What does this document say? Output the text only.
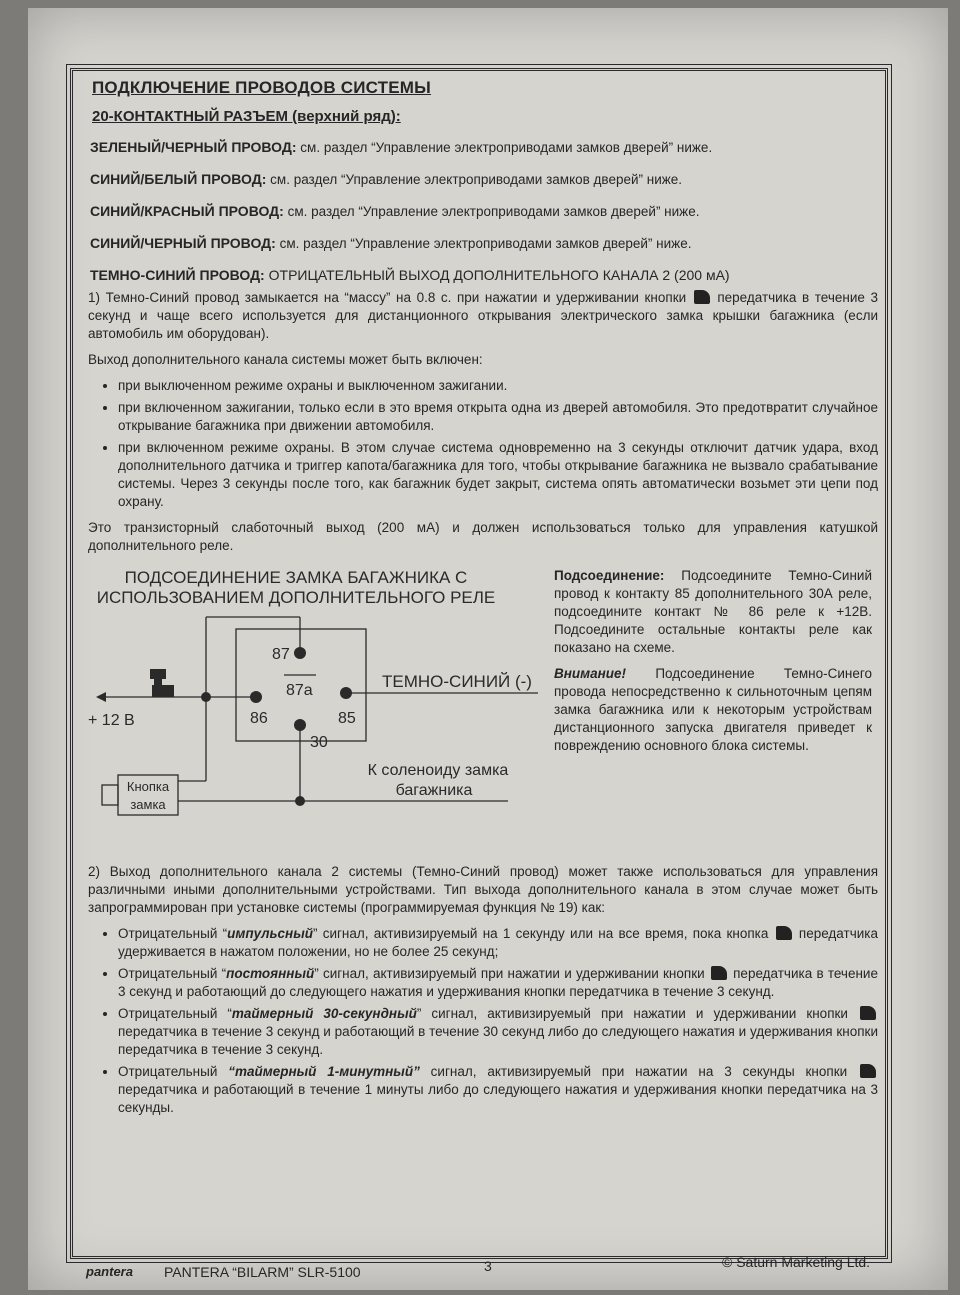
ПОДКЛЮЧЕНИЕ ПРОВОДОВ СИСТЕМЫ
20-КОНТАКТНЫЙ РАЗЪЕМ (верхний ряд):
ЗЕЛЕНЫЙ/ЧЕРНЫЙ ПРОВОД: см. раздел “Управление электроприводами замков дверей” ниже.
СИНИЙ/БЕЛЫЙ ПРОВОД: см. раздел “Управление электроприводами замков дверей” ниже.
СИНИЙ/КРАСНЫЙ ПРОВОД: см. раздел “Управление электроприводами замков дверей” ниже.
СИНИЙ/ЧЕРНЫЙ ПРОВОД: см. раздел “Управление электроприводами замков дверей” ниже.
ТЕМНО-СИНИЙ ПРОВОД: ОТРИЦАТЕЛЬНЫЙ ВЫХОД ДОПОЛНИТЕЛЬНОГО КАНАЛА 2 (200 мА)

1) Темно-Синий провод замыкается на “массу” на 0.8 с. при нажатии и удерживании кнопки передатчика в течение 3 секунд и чаще всего используется для дистанционного открывания электрического замка крышки багажника (если автомобиль им оборудован).

Выход дополнительного канала системы может быть включен:

• при выключенном режиме охраны и выключенном зажигании.
• при включенном зажигании, только если в это время открыта одна из дверей автомобиля. Это предотвратит случайное открывание багажника при движении автомобиля.
• при включенном режиме охраны. В этом случае система одновременно на 3 секунды отключит датчик удара, вход дополнительного датчика и триггер капота/багажника для того, чтобы открывание багажника не вызвало срабатывание системы. Через 3 секунды после того, как багажник будет закрыт, система опять автоматически возьмет эти цепи под охрану.

Это транзисторный слаботочный выход (200 мА) и должен использоваться только для управления катушкой дополнительного реле.

ПОДСОЕДИНЕНИЕ ЗАМКА БАГАЖНИКА С
ИСПОЛЬЗОВАНИЕМ ДОПОЛНИТЕЛЬНОГО РЕЛЕ
87
87a
86	85
30
ТЕМНО-СИНИЙ (-)
+ 12 B
Кнопка
замка
К соленоиду замка
багажника

Подсоединение: Подсоедините Темно-Синий провод к контакту 85 дополнительного 30А реле, подсоедините контакт № 86 реле к +12В. Подсоедините остальные контакты реле как показано на схеме.

Внимание! Подсоединение Темно-Синего провода непосредственно к сильноточным цепям замка багажника или к некоторым устройствам дистанционного запуска двигателя приведет к повреждению основного блока системы.

2) Выход дополнительного канала 2 системы (Темно-Синий провод) может также использоваться для управления различными иными дополнительными устройствами. Тип выхода дополнительного канала в этом случае может быть запрограммирован при установке системы (программируемая функция № 19) как:

• Отрицательный “импульсный” сигнал, активизируемый на 1 секунду или на все время, пока кнопка передатчика удерживается в нажатом положении, но не более 25 секунд;
• Отрицательный “постоянный” сигнал, активизируемый при нажатии и удерживании кнопки передатчика в течение 3 секунд и работающий до следующего нажатия и удерживания кнопки передатчика в течение 3 секунд.
• Отрицательный “таймерный 30-секундный” сигнал, активизируемый при нажатии и удерживании кнопки  передатчика в течение 3 секунд и работающий в течение 30 секунд либо до следующего нажатия и удерживания кнопки передатчика в течение 3 секунд.
• Отрицательный “таймерный 1-минутный” сигнал, активизируемый при нажатии на 3 секунды кнопки  передатчика и работающий в течение 1 минуты либо до следующего нажатия и удерживания кнопки передатчика на 3 секунды.
pantera PANTERA “BILARM” SLR-5100	3	© Saturn Marketing Ltd.
